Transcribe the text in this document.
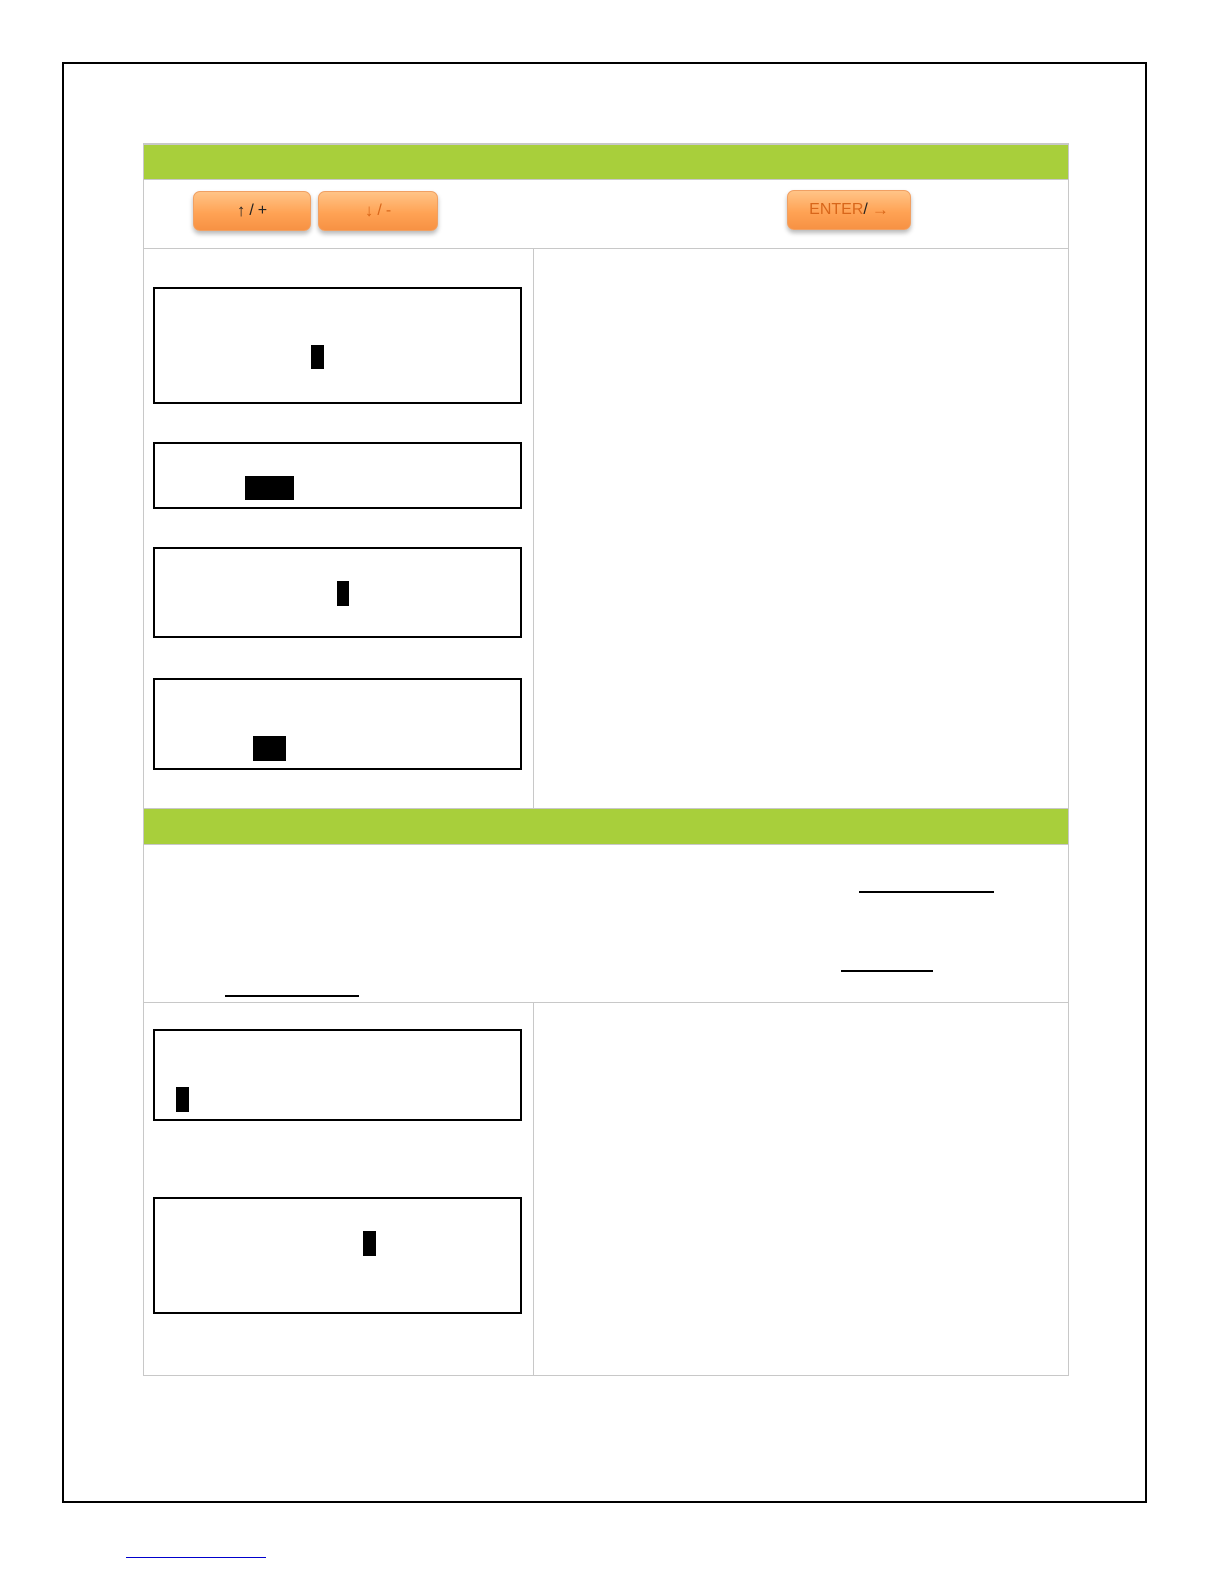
↑ / +	↓ / -	ENTER / →
